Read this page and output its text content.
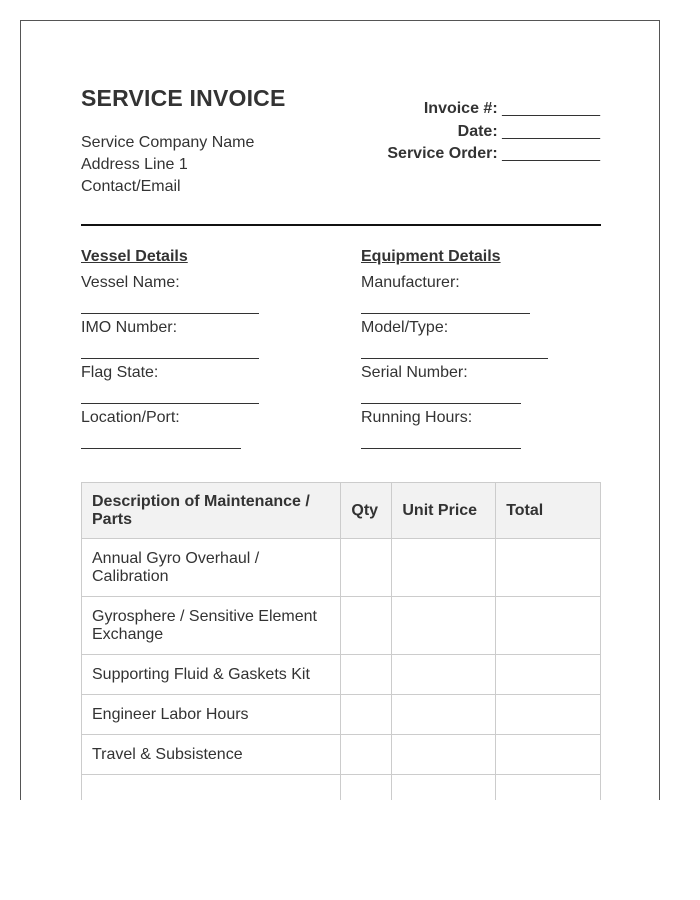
SERVICE INVOICE
Service Company Name
Address Line 1
Contact/Email
Invoice #: ___________
Date: ___________
Service Order: ___________
Vessel Details
Vessel Name:
IMO Number:
Flag State:
Location/Port:
Equipment Details
Manufacturer:
Model/Type:
Serial Number:
Running Hours:
Description of Maintenance / Parts	Qty	Unit Price	Total
Annual Gyro Overhaul / Calibration			
Gyrosphere / Sensitive Element Exchange			
Supporting Fluid & Gaskets Kit			
Engineer Labor Hours			
Travel & Subsistence			
